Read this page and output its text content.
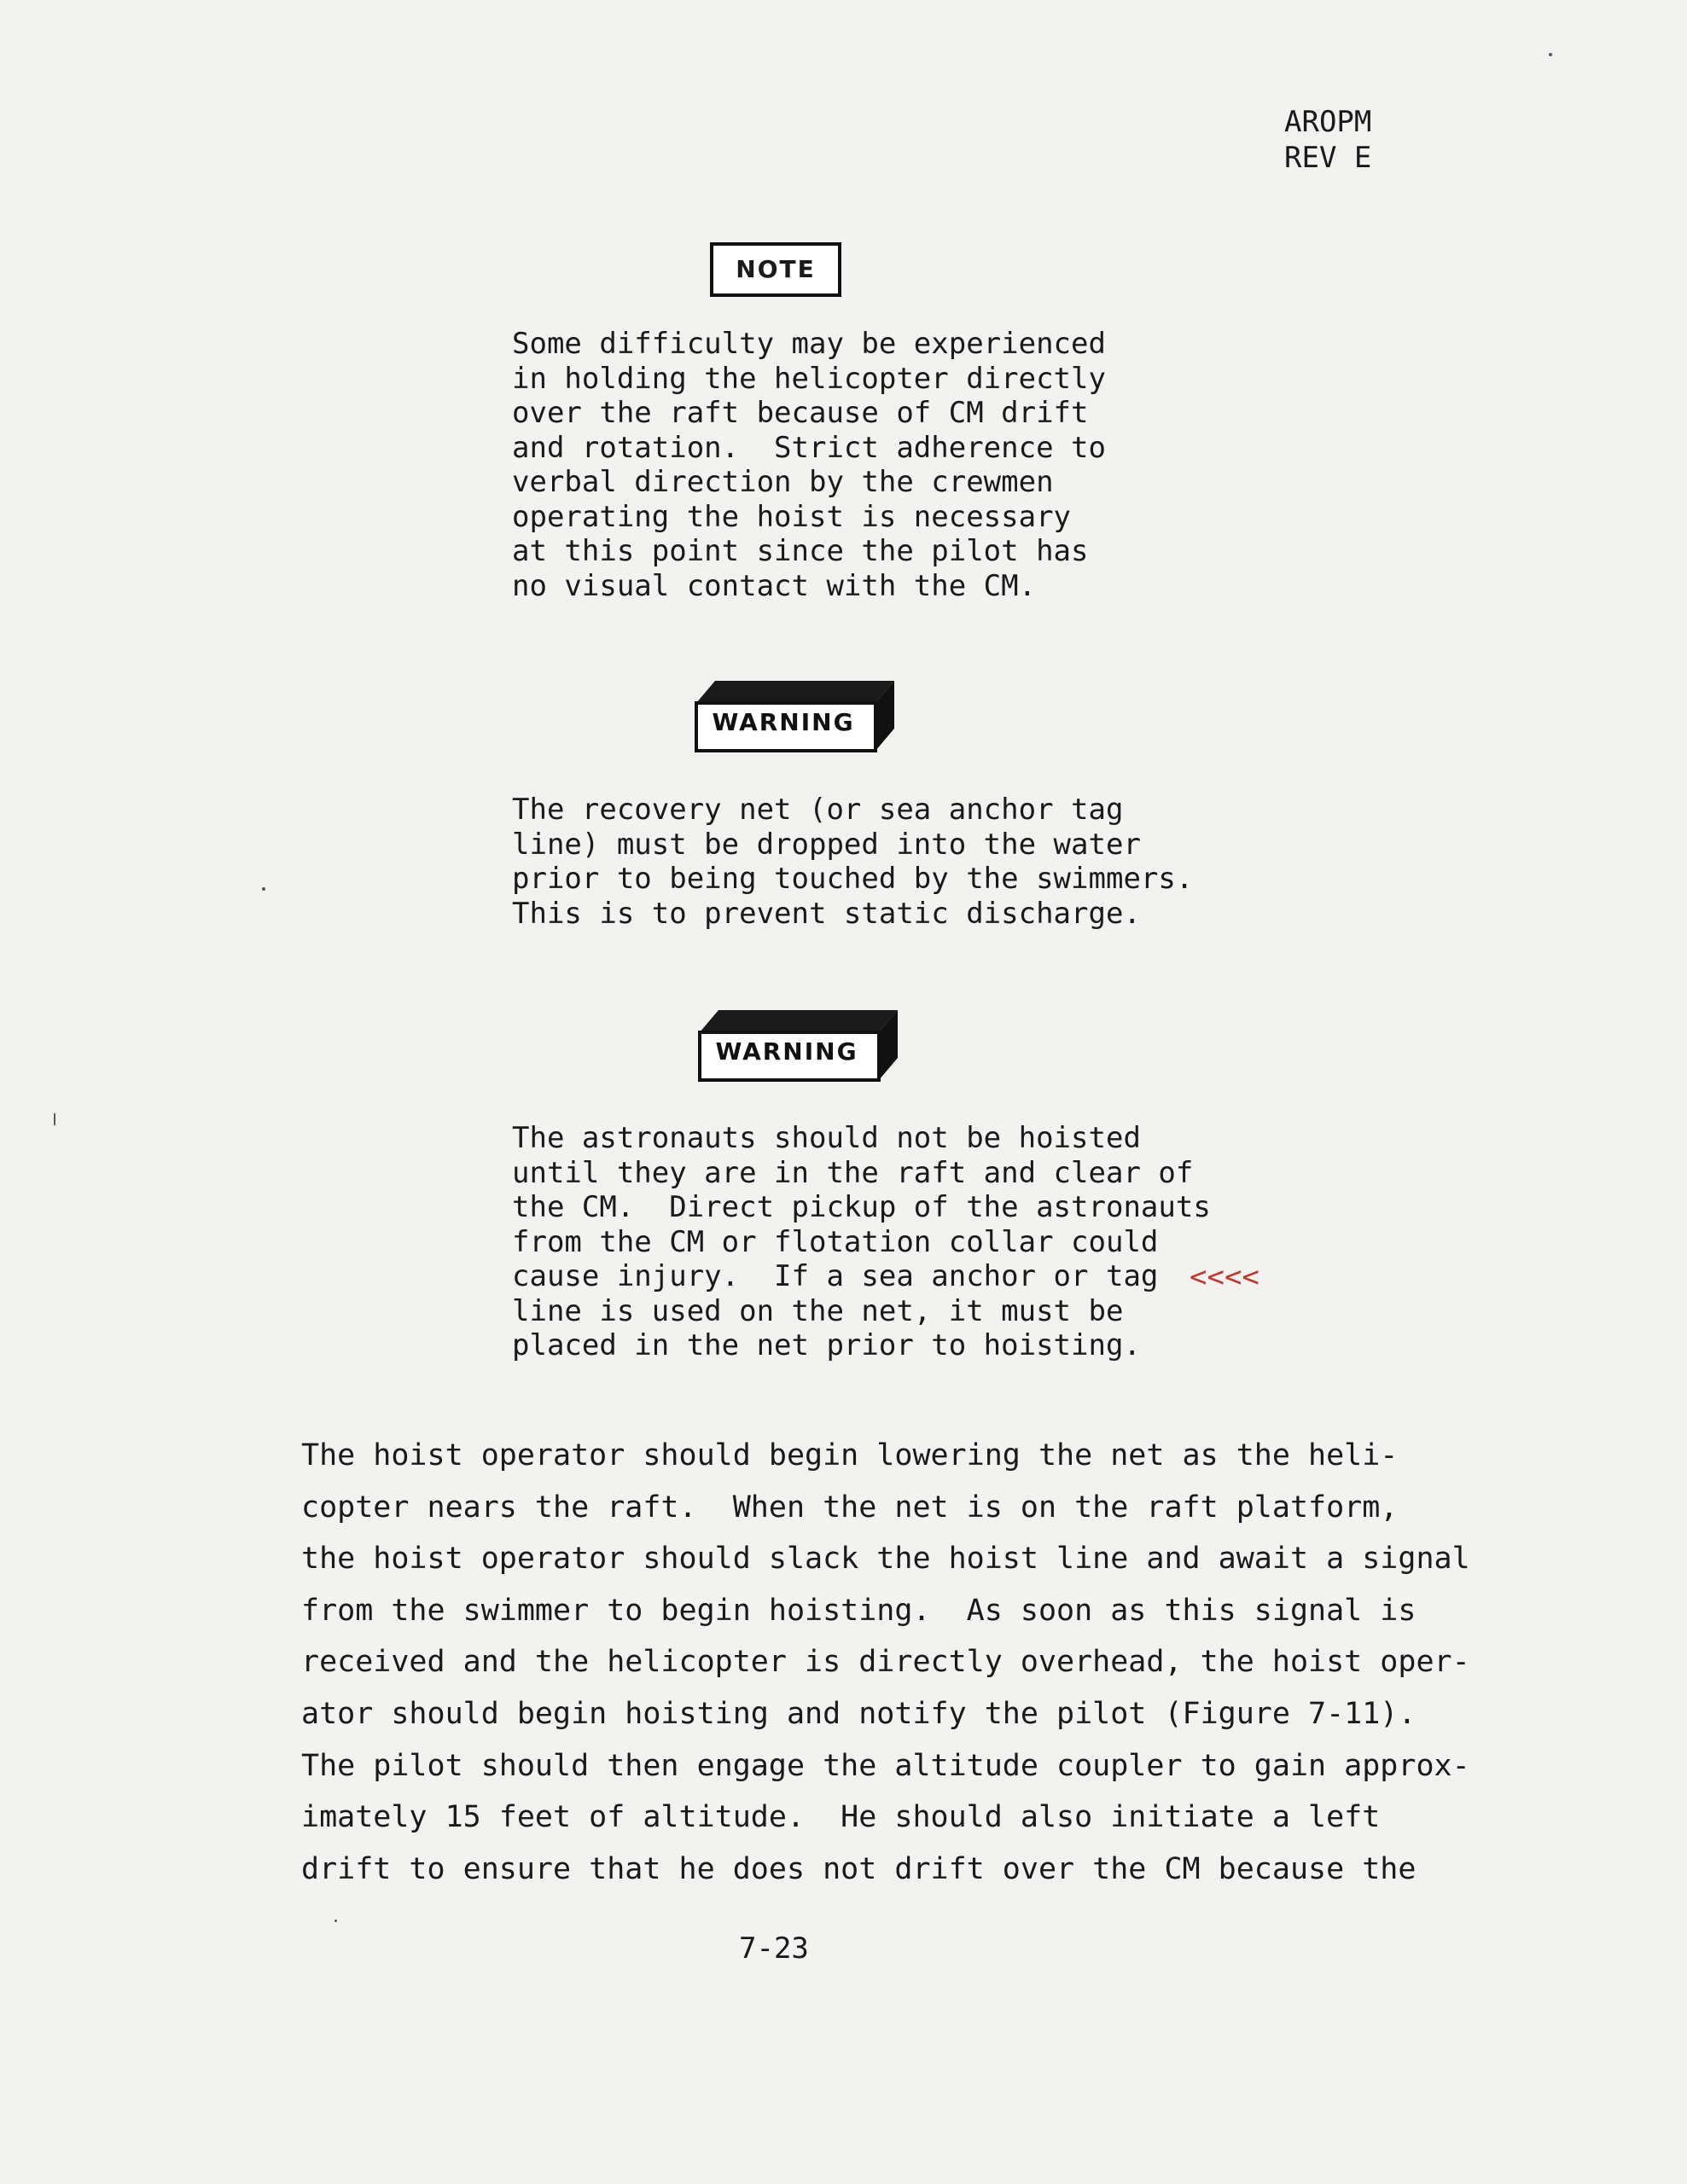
AROPM
REV E
NOTE
Some difficulty may be experienced
in holding the helicopter directly
over the raft because of CM drift
and rotation.  Strict adherence to
verbal direction by the crewmen
operating the hoist is necessary
at this point since the pilot has
no visual contact with the CM.
WARNING
The recovery net (or sea anchor tag
line) must be dropped into the water
prior to being touched by the swimmers.
This is to prevent static discharge.
WARNING
The astronauts should not be hoisted
until they are in the raft and clear of
the CM.  Direct pickup of the astronauts
from the CM or flotation collar could
cause injury.  If a sea anchor or tag
line is used on the net, it must be
placed in the net prior to hoisting.
<<<<
The hoist operator should begin lowering the net as the heli-
copter nears the raft.  When the net is on the raft platform,
the hoist operator should slack the hoist line and await a signal
from the swimmer to begin hoisting.  As soon as this signal is
received and the helicopter is directly overhead, the hoist oper-
ator should begin hoisting and notify the pilot (Figure 7-11).
The pilot should then engage the altitude coupler to gain approx-
imately 15 feet of altitude.  He should also initiate a left
drift to ensure that he does not drift over the CM because the
7-23
